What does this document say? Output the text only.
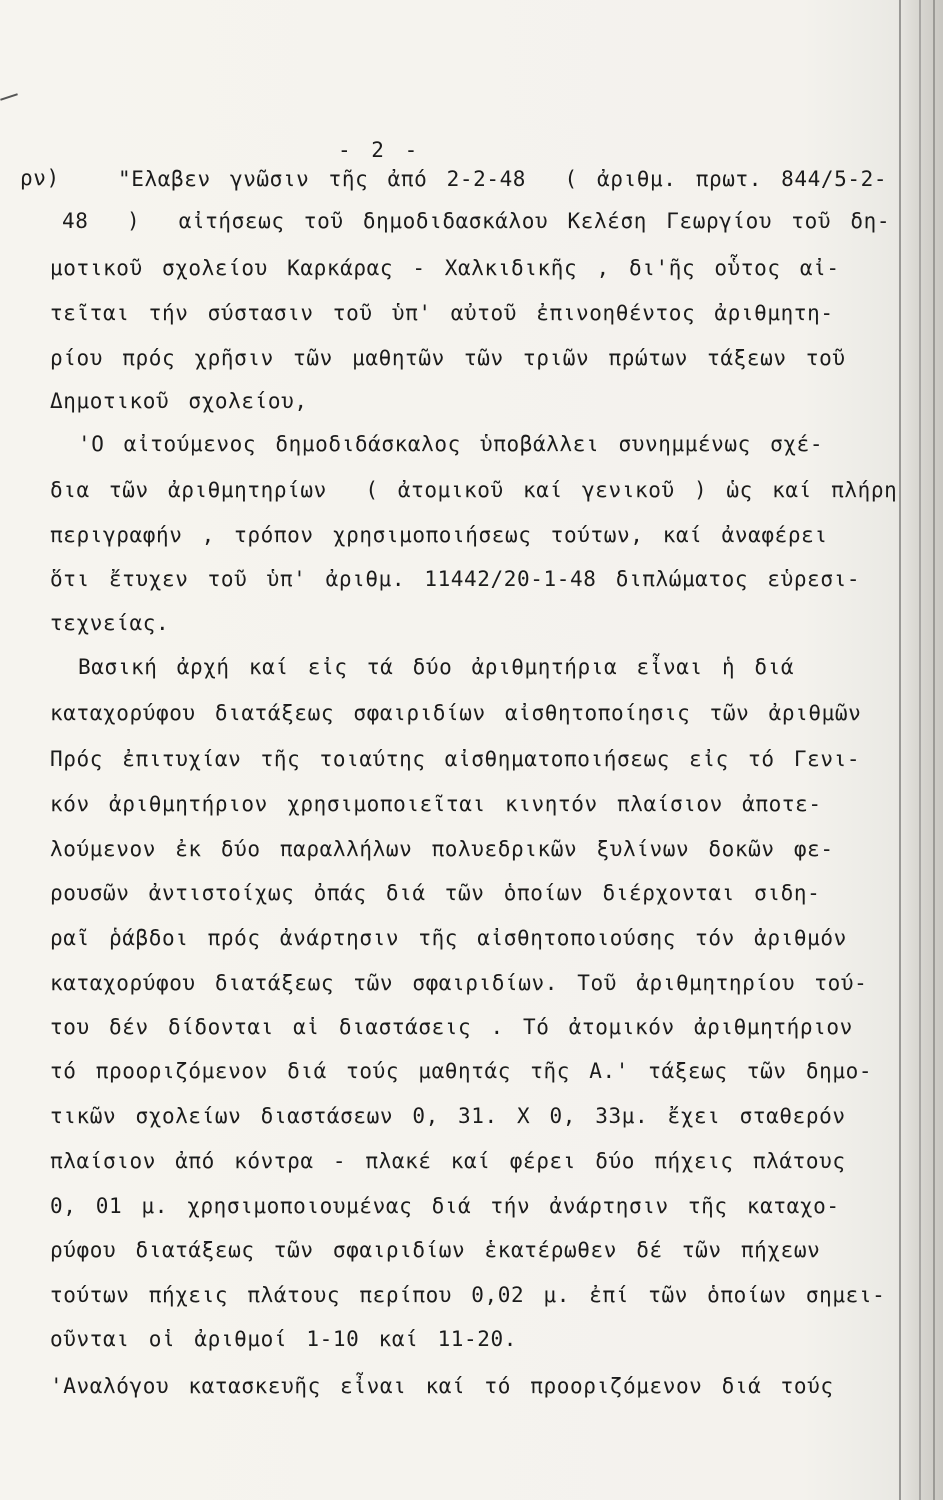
- 2 -
ρν)	"Ελαβεν γνῶσιν τῆς ἀπό 2-2-48  ( ἀριθμ. πρωτ. 844/5-2-
48  )  αἰτήσεως τοῦ δημοδιδασκάλου Κελέση Γεωργίου τοῦ δη-
μοτικοῦ σχολείου Καρκάρας - Χαλκιδικῆς , δι'ῆς οὗτος αἰ-
τεῖται τήν σύστασιν τοῦ ὑπ' αὐτοῦ ἐπινοηθέντος ἀριθμητη-
ρίου πρός χρῆσιν τῶν μαθητῶν τῶν τριῶν πρώτων τάξεων τοῦ
Δημοτικοῦ σχολείου,
'Ο αἰτούμενος δημοδιδάσκαλος ὑποβάλλει συνημμένως σχέ-
δια τῶν ἀριθμητηρίων  ( ἀτομικοῦ καί γενικοῦ ) ὡς καί πλήρη
περιγραφήν , τρόπον χρησιμοποιήσεως τούτων, καί ἀναφέρει
ὅτι ἔτυχεν τοῦ ὑπ' ἀριθμ. 11442/20-1-48 διπλώματος εὑρεσι-
τεχνείας.
Βασική ἀρχή καί εἰς τά δύο ἀριθμητήρια εἶναι ἡ διά
καταχορύφου διατάξεως σφαιριδίων αἰσθητοποίησις τῶν ἀριθμῶν
Πρός ἐπιτυχίαν τῆς τοιαύτης αἰσθηματοποιήσεως εἰς τό Γενι-
κόν ἀριθμητήριον χρησιμοποιεῖται κινητόν πλαίσιον ἀποτε-
λούμενον ἐκ δύο παραλλήλων πολυεδρικῶν ξυλίνων δοκῶν φε-
ρουσῶν ἀντιστοίχως ὀπάς διά τῶν ὁποίων διέρχονται σιδη-
ραῖ ῥάβδοι πρός ἀνάρτησιν τῆς αἰσθητοποιούσης τόν ἀριθμόν
καταχορύφου διατάξεως τῶν σφαιριδίων. Τοῦ ἀριθμητηρίου τού-
του δέν δίδονται αἱ διαστάσεις . Τό ἀτομικόν ἀριθμητήριον
τό προοριζόμενον διά τούς μαθητάς τῆς Α.' τάξεως τῶν δημο-
τικῶν σχολείων διαστάσεων 0, 31. Χ 0, 33μ. ἔχει σταθερόν
πλαίσιον ἀπό κόντρα - πλακέ καί φέρει δύο πήχεις πλάτους
0, 01 μ. χρησιμοποιουμένας διά τήν ἀνάρτησιν τῆς καταχο-
ρύφου διατάξεως τῶν σφαιριδίων ἑκατέρωθεν δέ τῶν πήχεων
τούτων πήχεις πλάτους περίπου 0,02 μ. ἐπί τῶν ὁποίων σημει-
οῦνται οἱ ἀριθμοί 1-10 καί 11-20.
'Αναλόγου κατασκευῆς εἶναι καί τό προοριζόμενον διά τούς
